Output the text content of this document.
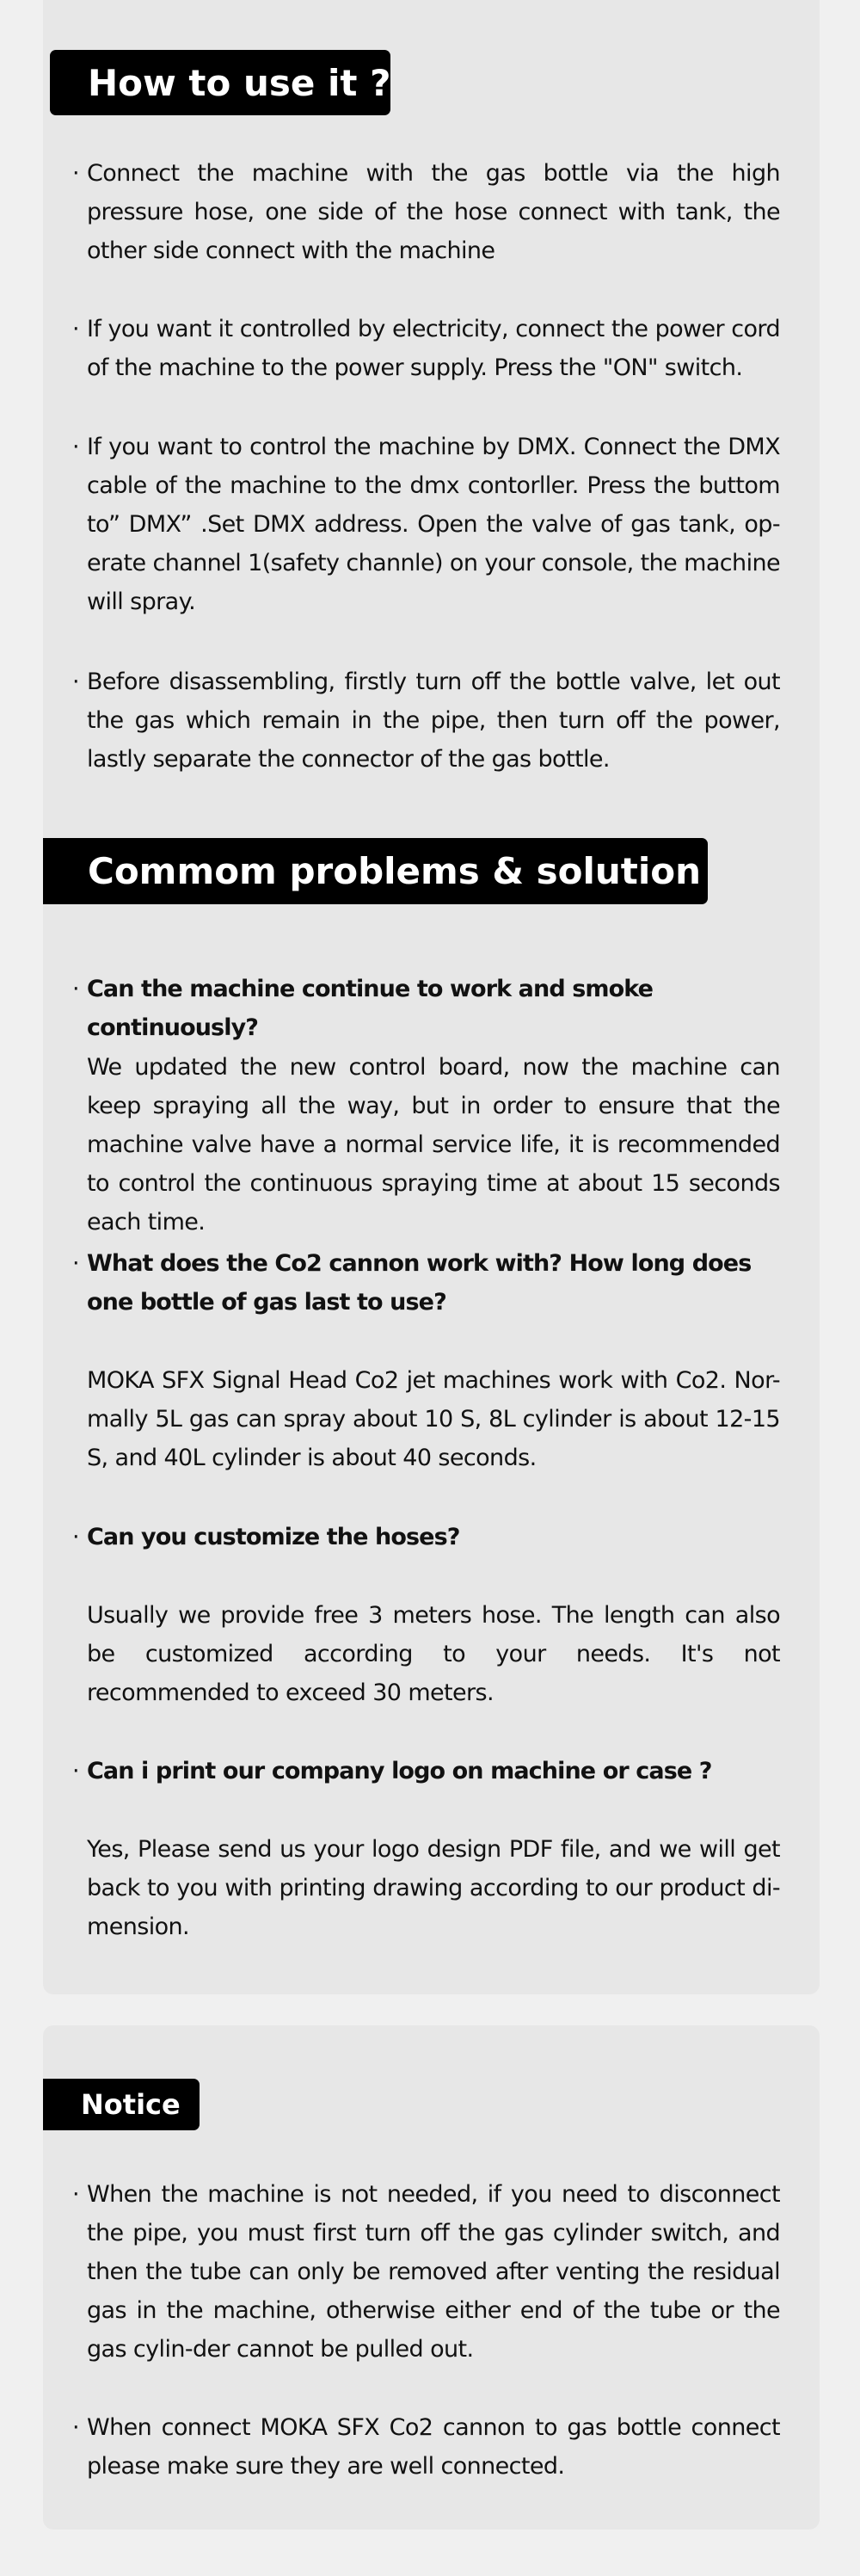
How to use it ?
· Connect the machine with the gas bottle via the high pressure hose, one side of the hose connect with tank, the other side connect with the machine
· If you want it controlled by electricity, connect the power cord of the machine to the power supply. Press the "ON" switch.
· If you want to control the machine by DMX. Connect the DMX cable of the machine to the dmx contorller. Press the buttom to” DMX” .Set DMX address. Open the valve of gas tank, op-erate channel 1(safety channle) on your console, the machine will spray.
· Before disassembling, firstly turn off the bottle valve, let out the gas which remain in the pipe, then turn off the power, lastly separate the connector of the gas bottle.
Commom problems & solution
· Can the machine continue to work and smoke continuously?
We updated the new control board, now the machine can keep spraying all the way, but in order to ensure that the machine valve have a normal service life, it is recommended to control the continuous spraying time at about 15 seconds each time.
· What does the Co2 cannon work with? How long does one bottle of gas last to use?
MOKA SFX Signal Head Co2 jet machines work with Co2. Nor-mally 5L gas can spray about 10 S, 8L cylinder is about 12-15 S, and 40L cylinder is about 40 seconds.
· Can you customize the hoses?
Usually we provide free 3 meters hose. The length can also be customized according to your needs. It's not recommended to exceed 30 meters.
· Can i print our company logo on machine or case ?
Yes, Please send us your logo design PDF file, and we will get back to you with printing drawing according to our product di-mension.
Notice
· When the machine is not needed, if you need to disconnect the pipe, you must first turn off the gas cylinder switch, and then the tube can only be removed after venting the residual gas in the machine, otherwise either end of the tube or the gas cylin-der cannot be pulled out.
· When connect MOKA SFX Co2 cannon to gas bottle connect please make sure they are well connected.
